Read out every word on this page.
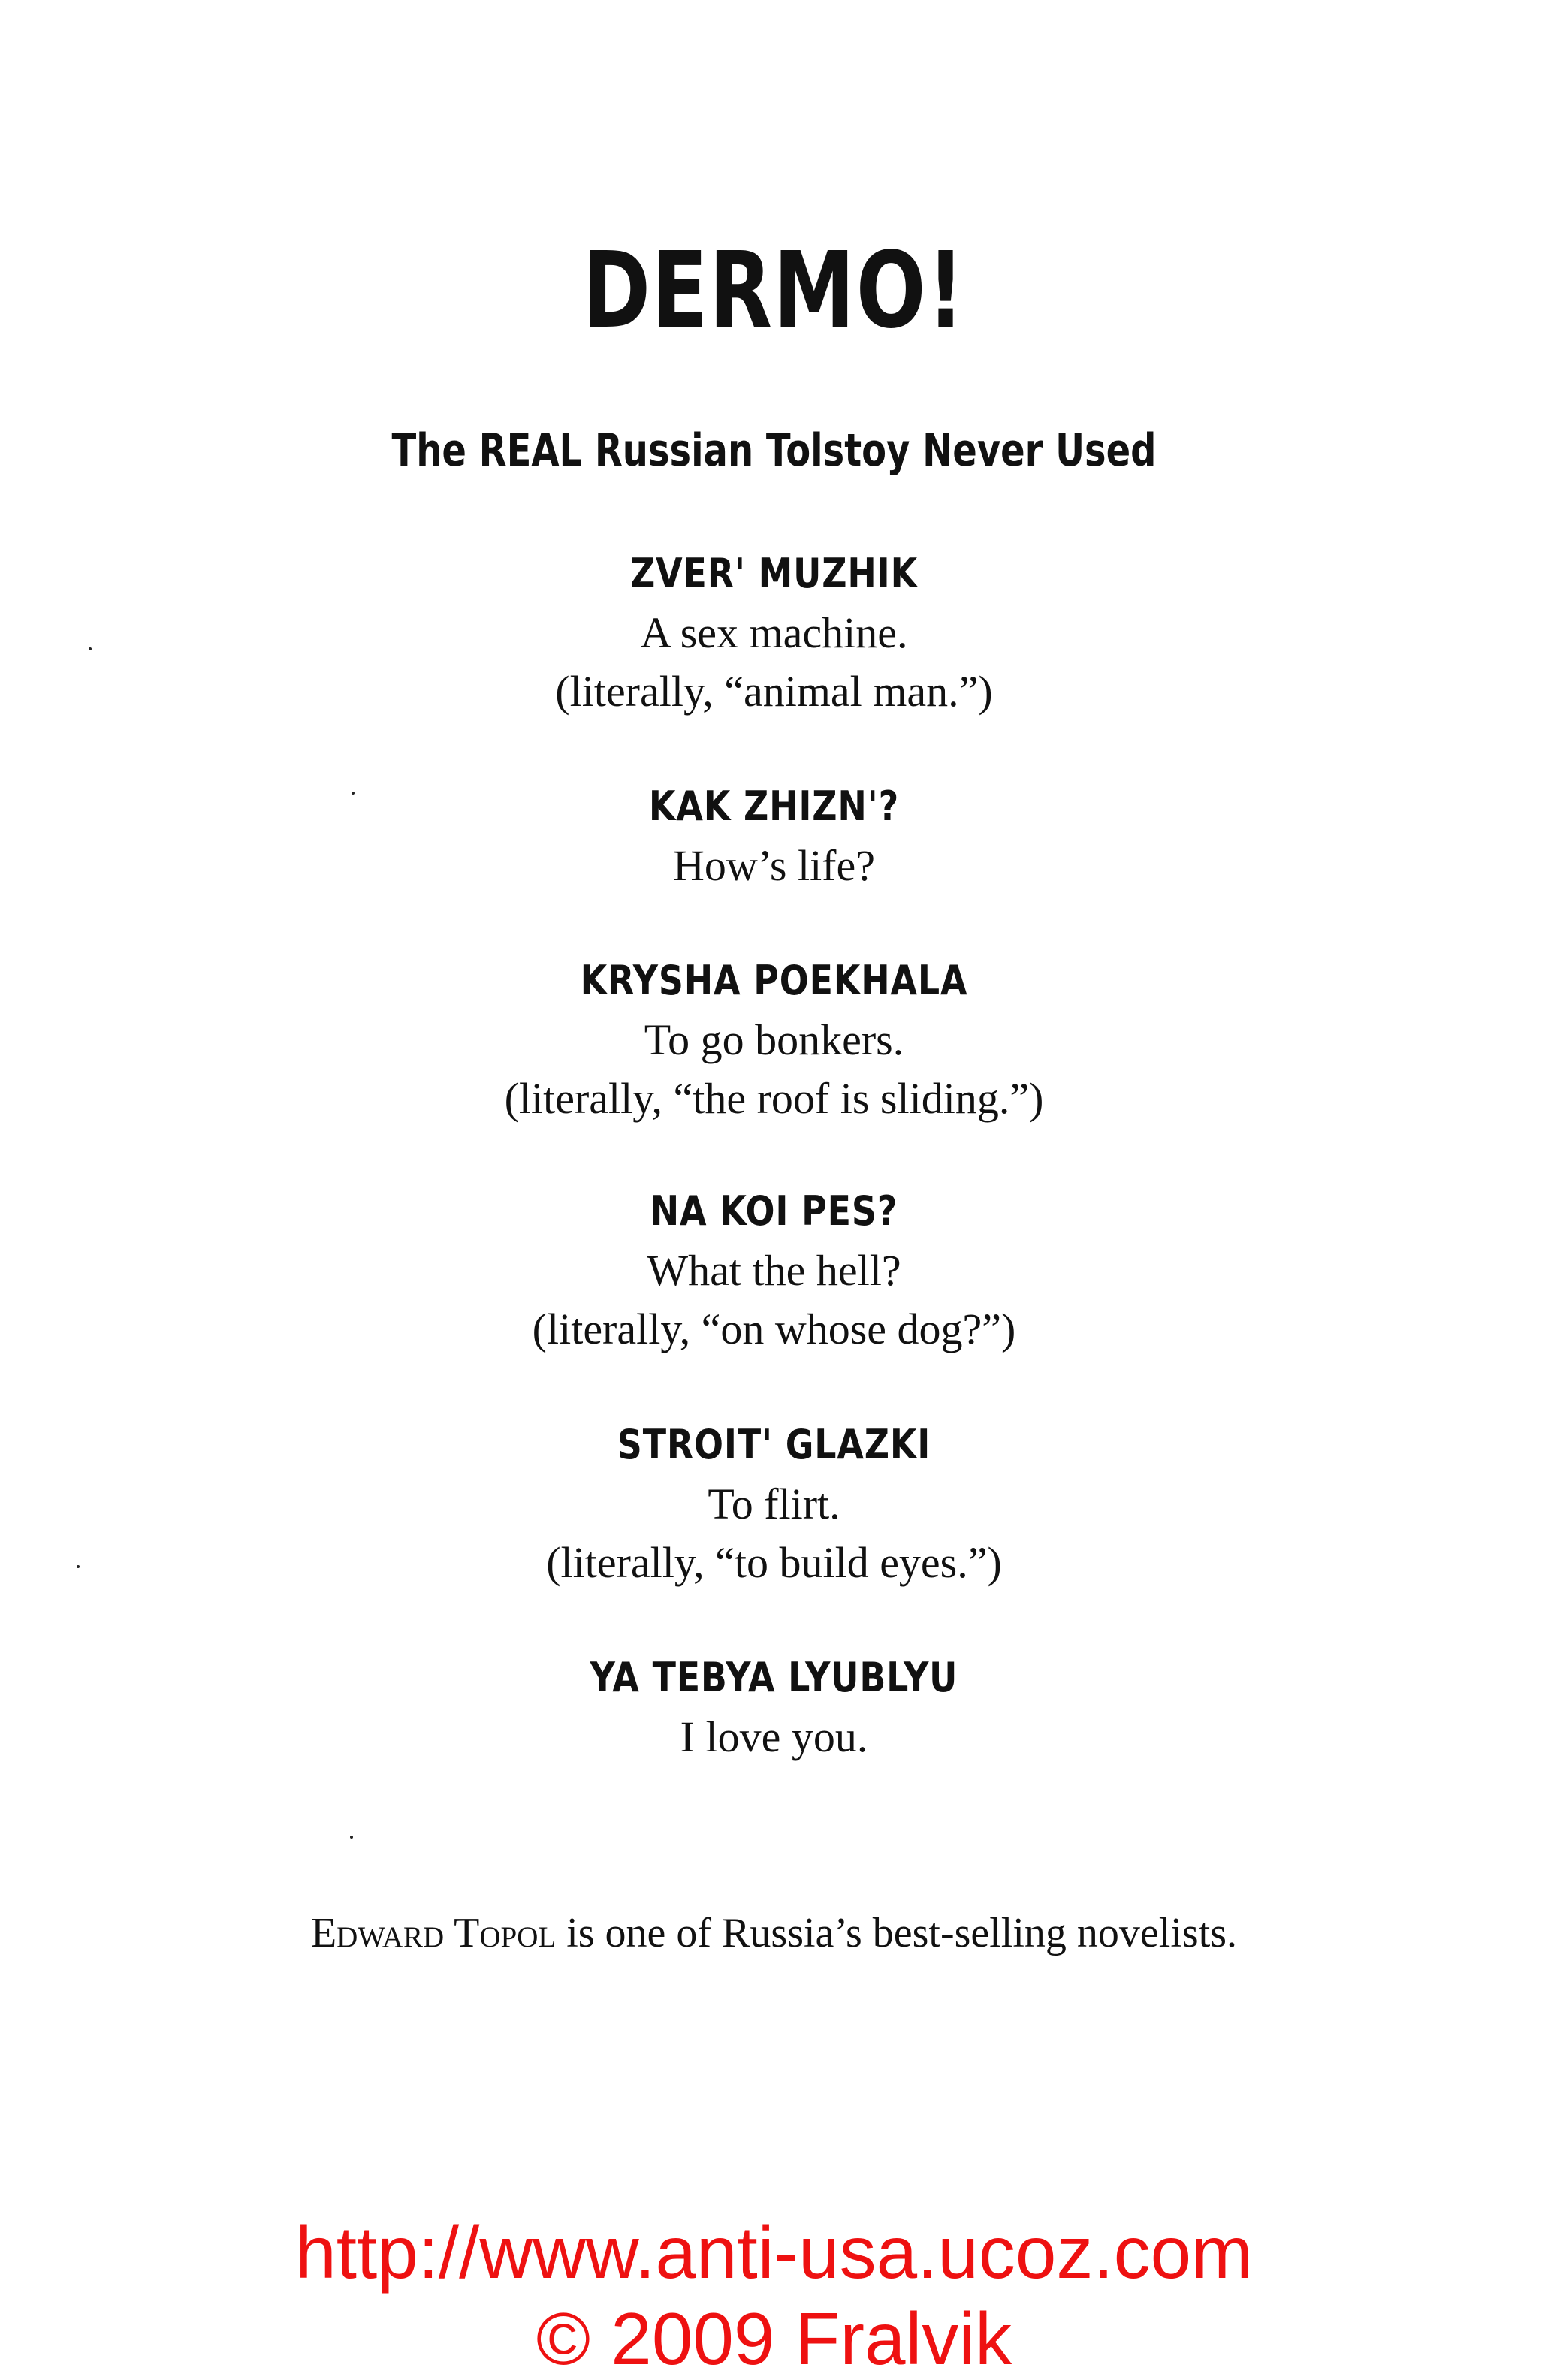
DERMO!
The REAL Russian Tolstoy Never Used
ZVER' MUZHIK
A sex machine.
(literally, “animal man.”)
KAK ZHIZN'?
How’s life?
KRYSHA POEKHALA
To go bonkers.
(literally, “the roof is sliding.”)
NA KOI PES?
What the hell?
(literally, “on whose dog?”)
STROIT' GLAZKI
To flirt.
(literally, “to build eyes.”)
YA TEBYA LYUBLYU
I love you.
Edward Topol is one of Russia’s best-selling novelists.
http://www.anti-usa.ucoz.com
© 2009 Fralvik
